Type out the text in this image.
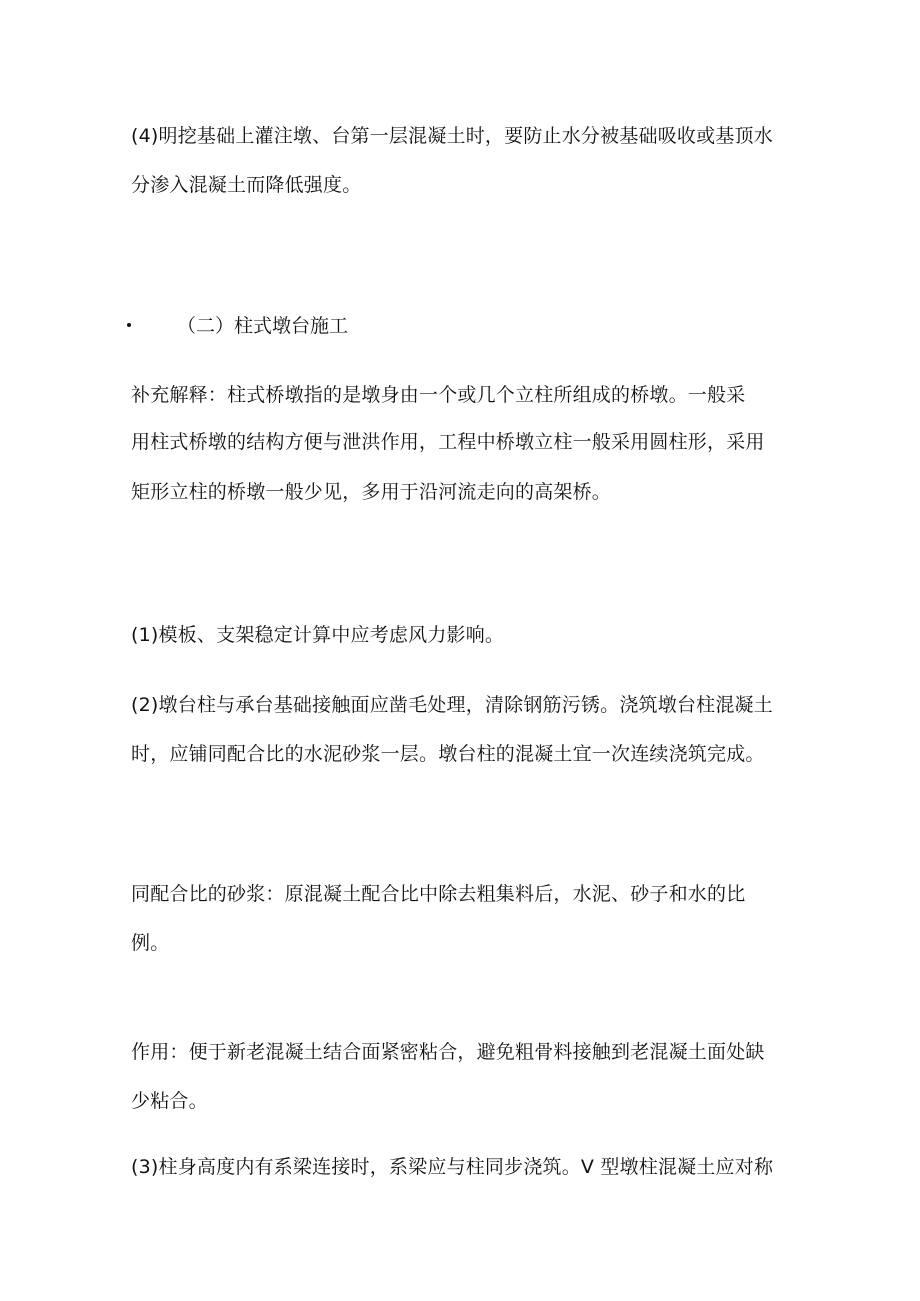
(4)明挖基础上灌注墩、台第一层混凝土时，要防止水分被基础吸收或基顶水
分渗入混凝土而降低强度。
（二）柱式墩台施工
补充解释：柱式桥墩指的是墩身由一个或几个立柱所组成的桥墩。一般采
用柱式桥墩的结构方便与泄洪作用，工程中桥墩立柱一般采用圆柱形，采用
矩形立柱的桥墩一般少见，多用于沿河流走向的高架桥。
(1)模板、支架稳定计算中应考虑风力影响。
(2)墩台柱与承台基础接触面应凿毛处理，清除钢筋污锈。浇筑墩台柱混凝土
时，应铺同配合比的水泥砂浆一层。墩台柱的混凝土宜一次连续浇筑完成。
同配合比的砂浆：原混凝土配合比中除去粗集料后，水泥、砂子和水的比
例。
作用：便于新老混凝土结合面紧密粘合，避免粗骨料接触到老混凝土面处缺
少粘合。
(3)柱身高度内有系梁连接时，系梁应与柱同步浇筑。V 型墩柱混凝土应对称
